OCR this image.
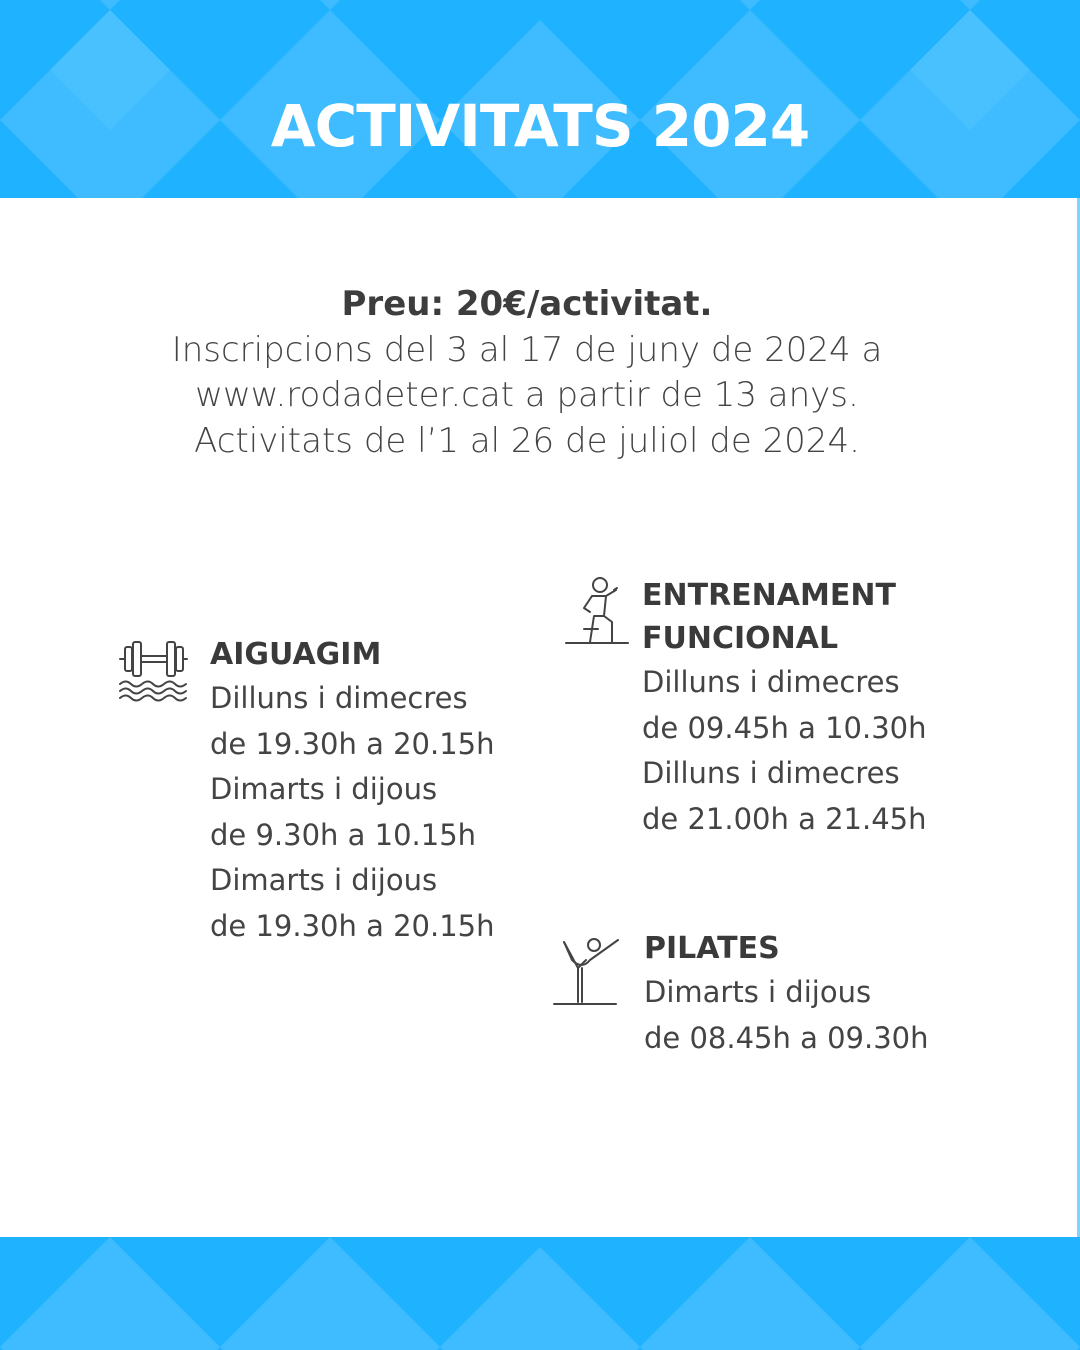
ACTIVITATS 2024
Preu: 20€/activitat.
Inscripcions del 3 al 17 de juny de 2024 a
www.rodadeter.cat a partir de 13 anys.
Activitats de l’1 al 26 de juliol de 2024.
AIGUAGIM
Dilluns i dimecres
de 19.30h a 20.15h
Dimarts i dijous
de 9.30h a 10.15h
Dimarts i dijous
de 19.30h a 20.15h
ENTRENAMENT
FUNCIONAL
Dilluns i dimecres
de 09.45h a 10.30h
Dilluns i dimecres
de 21.00h a 21.45h
PILATES
Dimarts i dijous
de 08.45h a 09.30h
